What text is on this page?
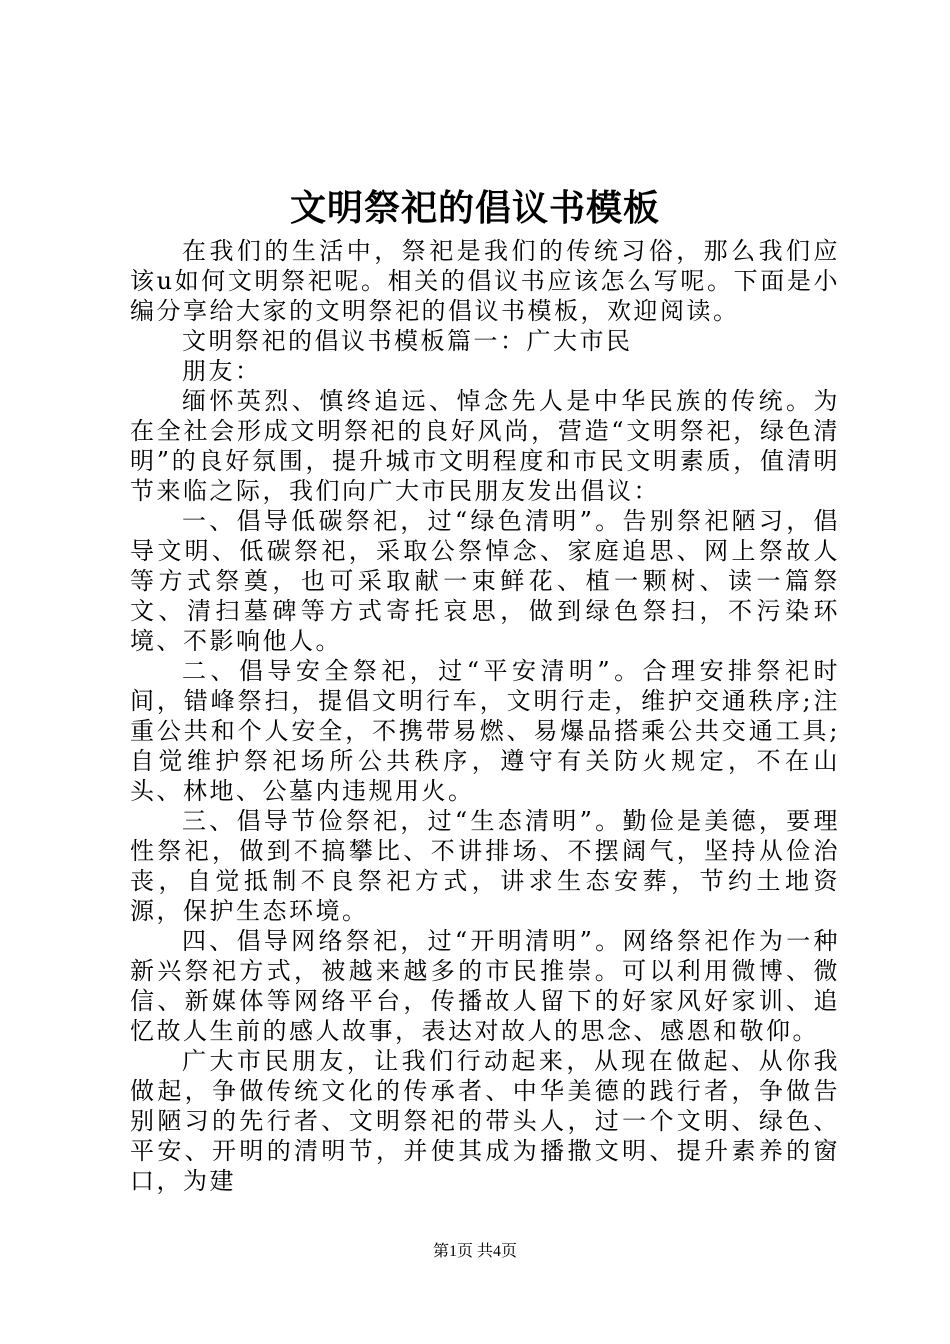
文明祭祀的倡议书模板

在我们的生活中，祭祀是我们的传统习俗，那么我们应该u如何文明祭祀呢。相关的倡议书应该怎么写呢。下面是小编分享给大家的文明祭祀的倡议书模板，欢迎阅读。

文明祭祀的倡议书模板篇一：广大市民

朋友：

缅怀英烈、慎终追远、悼念先人是中华民族的传统。为在全社会形成文明祭祀的良好风尚，营造“文明祭祀，绿色清明”的良好氛围，提升城市文明程度和市民文明素质，值清明节来临之际，我们向广大市民朋友发出倡议：

一、倡导低碳祭祀，过“绿色清明”。告别祭祀陋习，倡导文明、低碳祭祀，采取公祭悼念、家庭追思、网上祭故人等方式祭奠，也可采取献一束鲜花、植一颗树、读一篇祭文、清扫墓碑等方式寄托哀思，做到绿色祭扫，不污染环境、不影响他人。

二、倡导安全祭祀，过“平安清明”。合理安排祭祀时间，错峰祭扫，提倡文明行车，文明行走，维护交通秩序;注重公共和个人安全，不携带易燃、易爆品搭乘公共交通工具;自觉维护祭祀场所公共秩序，遵守有关防火规定，不在山头、林地、公墓内违规用火。

三、倡导节俭祭祀，过“生态清明”。勤俭是美德，要理性祭祀，做到不搞攀比、不讲排场、不摆阔气，坚持从俭治丧，自觉抵制不良祭祀方式，讲求生态安葬，节约土地资源，保护生态环境。

四、倡导网络祭祀，过“开明清明”。网络祭祀作为一种新兴祭祀方式，被越来越多的市民推崇。可以利用微博、微信、新媒体等网络平台，传播故人留下的好家风好家训、追忆故人生前的感人故事，表达对故人的思念、感恩和敬仰。

广大市民朋友，让我们行动起来，从现在做起、从你我做起，争做传统文化的传承者、中华美德的践行者，争做告别陋习的先行者、文明祭祀的带头人，过一个文明、绿色、平安、开明的清明节，并使其成为播撒文明、提升素养的窗口，为建

第1页 共4页
